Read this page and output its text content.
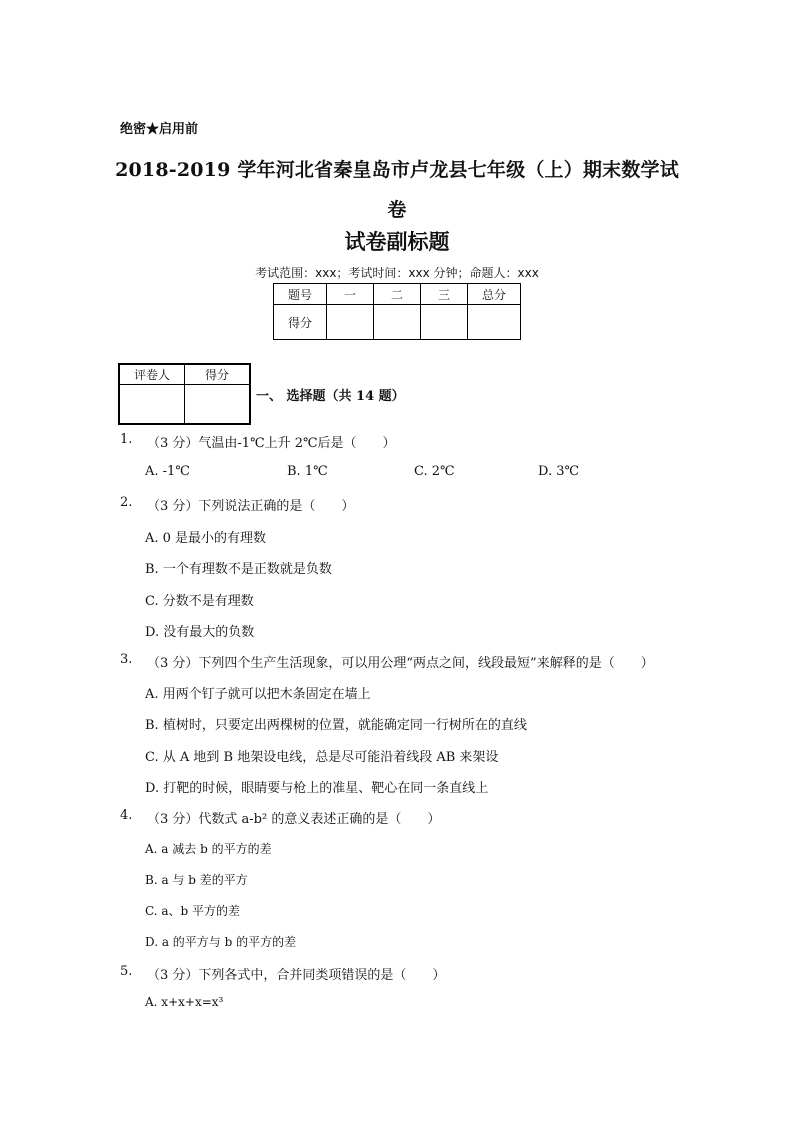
绝密★启用前
2018-2019 学年河北省秦皇岛市卢龙县七年级（上）期末数学试
卷
试卷副标题
考试范围：xxx；考试时间：xxx 分钟；命题人：xxx
题号	一	二	三	总分
得分				
评卷人	得分

一、 选择题（共 14 题）
1. （3 分）气温由-1℃上升 2℃后是（　　）
A. -1℃	B. 1℃	C. 2℃	D. 3℃
2. （3 分）下列说法正确的是（　　）
A. 0 是最小的有理数
B. 一个有理数不是正数就是负数
C. 分数不是有理数
D. 没有最大的负数
3. （3 分）下列四个生产生活现象，可以用公理“两点之间，线段最短”来解释的是（　　）
A. 用两个钉子就可以把木条固定在墙上
B. 植树时，只要定出两棵树的位置，就能确定同一行树所在的直线
C. 从 A 地到 B 地架设电线，总是尽可能沿着线段 AB 来架设
D. 打靶的时候，眼睛要与枪上的准星、靶心在同一条直线上
4. （3 分）代数式 a-b² 的意义表述正确的是（　　）
A. a 减去 b 的平方的差
B. a 与 b 差的平方
C. a、b 平方的差
D. a 的平方与 b 的平方的差
5. （3 分）下列各式中，合并同类项错误的是（　　）
A. x+x+x=x³
